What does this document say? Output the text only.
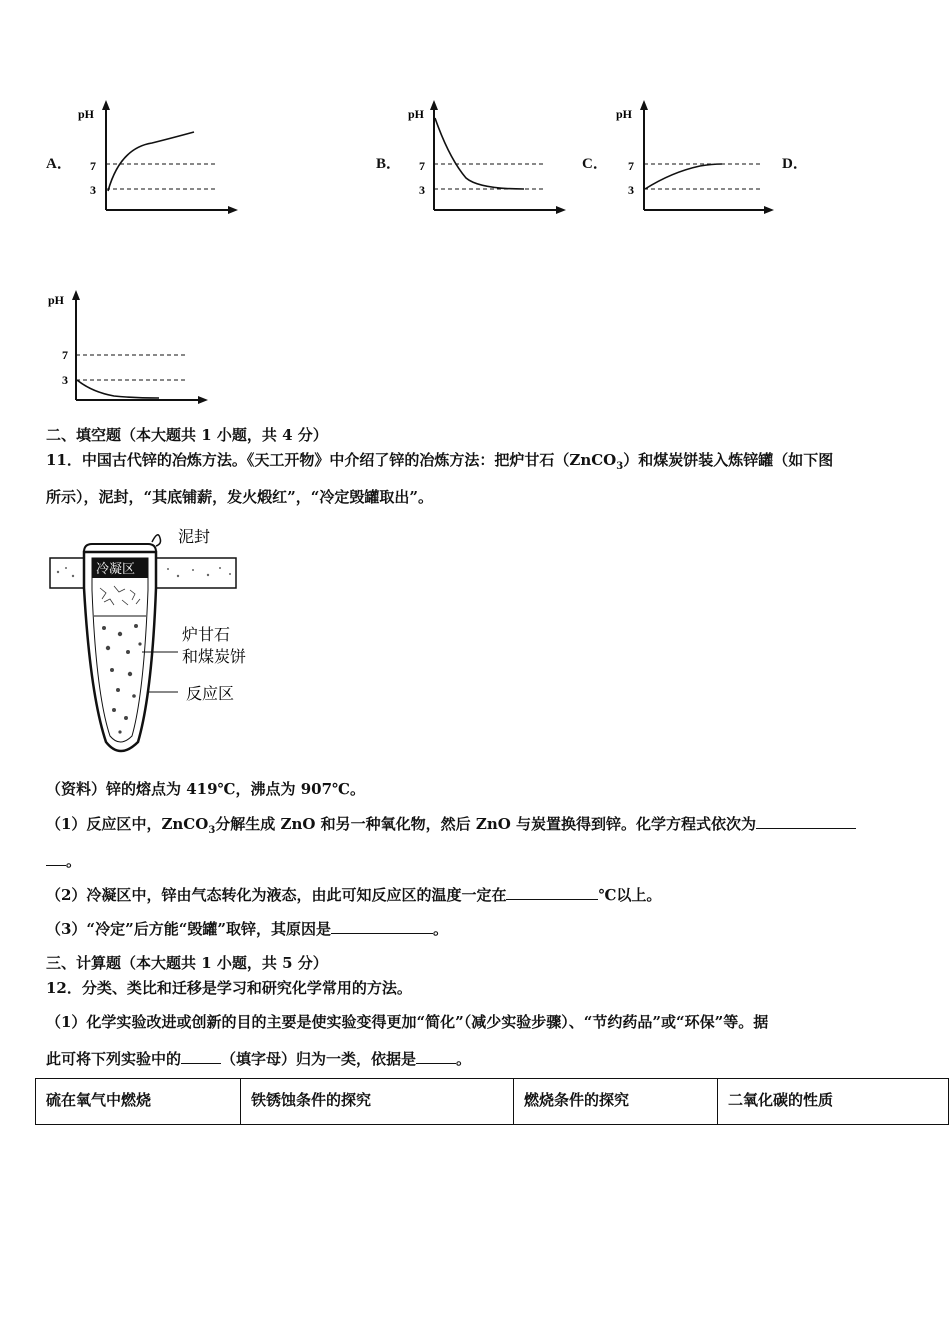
A．
pH
7
3
B．
pH
7
3
C．
pH
7
3
D．
pH
7
3
二、填空题（本大题共 1 小题，共 4 分）
11．中国古代锌的冶炼方法。《天工开物》中介绍了锌的冶炼方法：把炉甘石（ZnCO$_3$）和煤炭饼装入炼锌罐（如下图
所示），泥封，“其底铺薪，发火煅红”，“冷定毁罐取出”。
冷凝区
泥封
炉甘石
和煤炭饼
反应区
（资料）锌的熔点为 419℃，沸点为 907℃。
（1）反应区中，ZnCO$_3$分解生成 ZnO 和另一种氧化物，然后 ZnO 与炭置换得到锌。化学方程式依次为
。
（2）冷凝区中，锌由气态转化为液态，由此可知反应区的温度一定在	℃以上。
（3）“冷定”后方能“毁罐”取锌，其原因是	。
三、计算题（本大题共 1 小题，共 5 分）
12．分类、类比和迁移是学习和研究化学常用的方法。
（1）化学实验改进或创新的目的主要是使实验变得更加“简化”（减少实验步骤）、“节约药品”或“环保”等。据
此可将下列实验中的	（填字母）归为一类，依据是	。
硫在氧气中燃烧	铁锈蚀条件的探究	燃烧条件的探究	二氧化碳的性质
